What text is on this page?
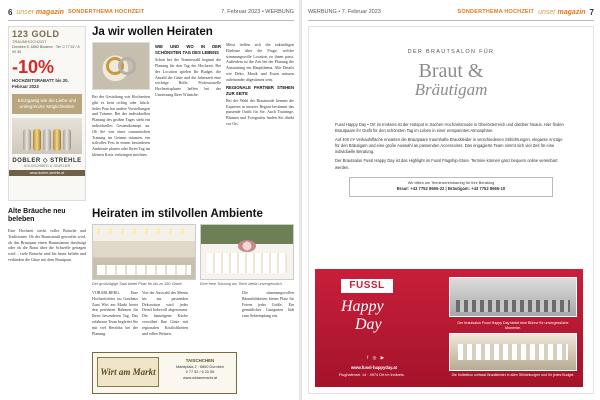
6 unser magazin SONDERTHEMA HOCHZEIT	7. Februar 2023 • WERBUNG
123 GOLD
TRAUMHOCHZEIT
Dornbirn 5, 6850 Bludenz · Tel. 0 77 52 / 8 90 45
-10%
HOCHZEITSRABATT bis 20. Februar 2023
Einzigartig wie die Liebe und unbegrenzte Möglichkeiten
DOBLER ◇ STREHLE
GOLDSCHMIED & JUWELIER
www.dobler-strehle.at
Ja wir wollen Heiraten
Bei der Gestaltung von Hochzeiten gibt es kein richtig oder falsch. Jedes Paar hat andere Vorstellungen und Träume. Bei der individuellen Planung des großen Tages steht ein individuelles Gesamtkonzept an. Ob Sie von einer romantischen Trauung im Grünen träumen, ein stilvolles Fest in einem besonderen Ambiente planen oder Ihren Tag im kleinen Kreis verbringen möchten.
WIE UND WO IN DER SCHÖNSTEN TAG DES LEBENS
Schon bei der Terminwahl beginnt die Planung für den Tag der Hochzeit. Bei der Location spielen Ihr Budget, die Anzahl der Gäste und die Jahreszeit eine wichtige Rolle. Professionelle Hochzeitsplaner helfen bei der Umsetzung Ihrer Wünsche.
Meist treffen sich die zukünftigen Eheleute über die Frage, welche stimmungsvolle Location zu ihnen passt. Außerdem ist die Zeit bei der Planung der Ausstattung ein Hauptthema. Alle Details wie Deko, Musik und Essen müssen aufeinander abgestimmt sein.
REGIONALE PARTNER STEHEN ZUR SEITE
Bei der Wahl der Brautmode kennen die Experten in unserer Region bestimmt das passende Outfit für Sie. Auch Trauringe, Blumen und Fotografen finden Sie direkt vor Ort.
Alte Bräuche neu beleben
Eine Hochzeit steckt voller Bräuche und Traditionen. Ob der Brautstrauß geworfen wird, ob das Brautpaar einen Baumstamm durchsägt oder ob die Braut über die Schwelle getragen wird – viele Bräuche sind bis heute beliebt und verbinden die Gäste mit dem Brautpaar.
Heiraten im stilvollen Ambiente
Der großzügige Saal bietet Platz für bis zu 180 Gäste.	Eine freie Trauung am Teich bleibt unvergesslich.
VORARLBERG. Eine Hochzeitsfeier im Gasthaus Zum Wirt am Markt bietet den perfekten Rahmen für Ihren besonderen Tag. Das erfahrene Team begleitet Sie mit viel Herzblut bei der Planung.
Von der Auswahl des Menüs bis zur passenden Dekoration wird jedes Detail liebevoll abgestimmt. Die hauseigene Küche verwöhnt Ihre Gäste mit regionalen Köstlichkeiten und edlen Weinen.
Die stimmungsvollen Räumlichkeiten bieten Platz für Feiern jeder Größe. Ein gemütlicher Gastgarten lädt zum Sektempfang ein.
Wirt am Markt
TAISCHCHEN
Marktplatz 2 · 6850 Dornbirn
0 77 52 / 6 20 55
www.wirtammarkt.at
WERBUNG • 7. Februar 2023	SONDERTHEMA HOCHZEIT unser magazin 7
DER BRAUTSALON FÜR
Braut &
Bräutigam

Fussl Happy Day • Ort im Innkreis ist der Hotspot in Sachen Hochzeitsmode in Oberösterreich und darüber hinaus. Hier finden Brautpaare ihr Outfit für den schönsten Tag im Leben in einer entspannten Atmosphäre.

Auf 400 m² Verkaufsfläche erwarten die Brautpaare traumhafte Brautkleider in verschiedenen Stilrichtungen, elegante Anzüge für den Bräutigam und eine große Auswahl an passenden Accessoires. Das engagierte Team nimmt sich viel Zeit für eine individuelle Beratung.

Der Brautsalon Fussl Happy Day ist das Highlight im Fussl Flagship-Store. Termine können ganz bequem online vereinbart werden.

Wir bitten um Terminvereinbarung für Ihre Beratung
Braut: +43 7752 8665-22 | Bräutigam: +43 7752 8665-10
FUSSL
Happy
Day	Der brautsalon Fussl Happy Day bietet eine Bühne für unvergessliche Momente.
Die Kollektion umfasst Brautkleider in allen Stilrichtungen und für jedes Budget.
f ◎ ▶
www.fussl-happyday.at
Flughafenstr. 14 · 4974 Ort im Innkreis
